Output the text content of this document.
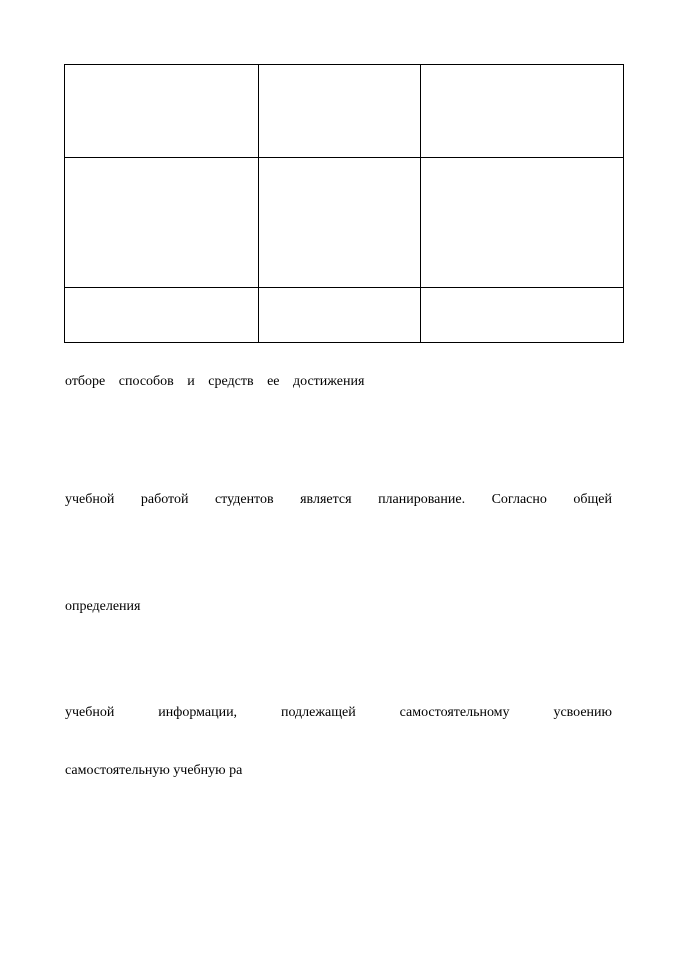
отборе способов и средств ее достижения

учебной работой студентов является планирование. Согласно общей

определения

учебной информации, подлежащей самостоятельному усвоению

самостоятельную учебную ра
